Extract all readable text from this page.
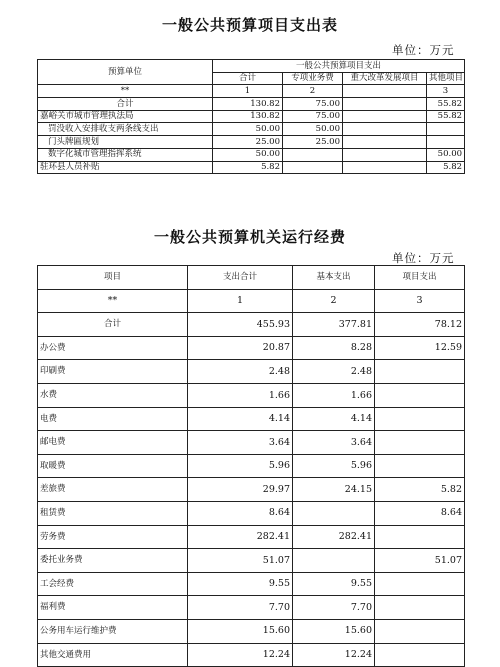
一般公共预算项目支出表
单位：万元
预算单位	一般公共预算项目支出			
	合计	专项业务费	重大改革发展项目	其他项目
**	1	2		3
合计	130.82	75.00		55.82
嘉峪关市城市管理执法局	130.82	75.00		55.82
罚没收入安排收支两条线支出	50.00	50.00		
门头牌匾规划	25.00	25.00		
数字化城市管理指挥系统	50.00			50.00
驻环县人员补贴	5.82			5.82
一般公共预算机关运行经费
单位：万元
项目	支出合计	基本支出	项目支出
**	1	2	3
合计	455.93	377.81	78.12
办公费	20.87	8.28	12.59
印刷费	2.48	2.48	
水费	1.66	1.66	
电费	4.14	4.14	
邮电费	3.64	3.64	
取暖费	5.96	5.96	
差旅费	29.97	24.15	5.82
租赁费	8.64		8.64
劳务费	282.41	282.41	
委托业务费	51.07		51.07
工会经费	9.55	9.55	
福利费	7.70	7.70	
公务用车运行维护费	15.60	15.60	
其他交通费用	12.24	12.24	
